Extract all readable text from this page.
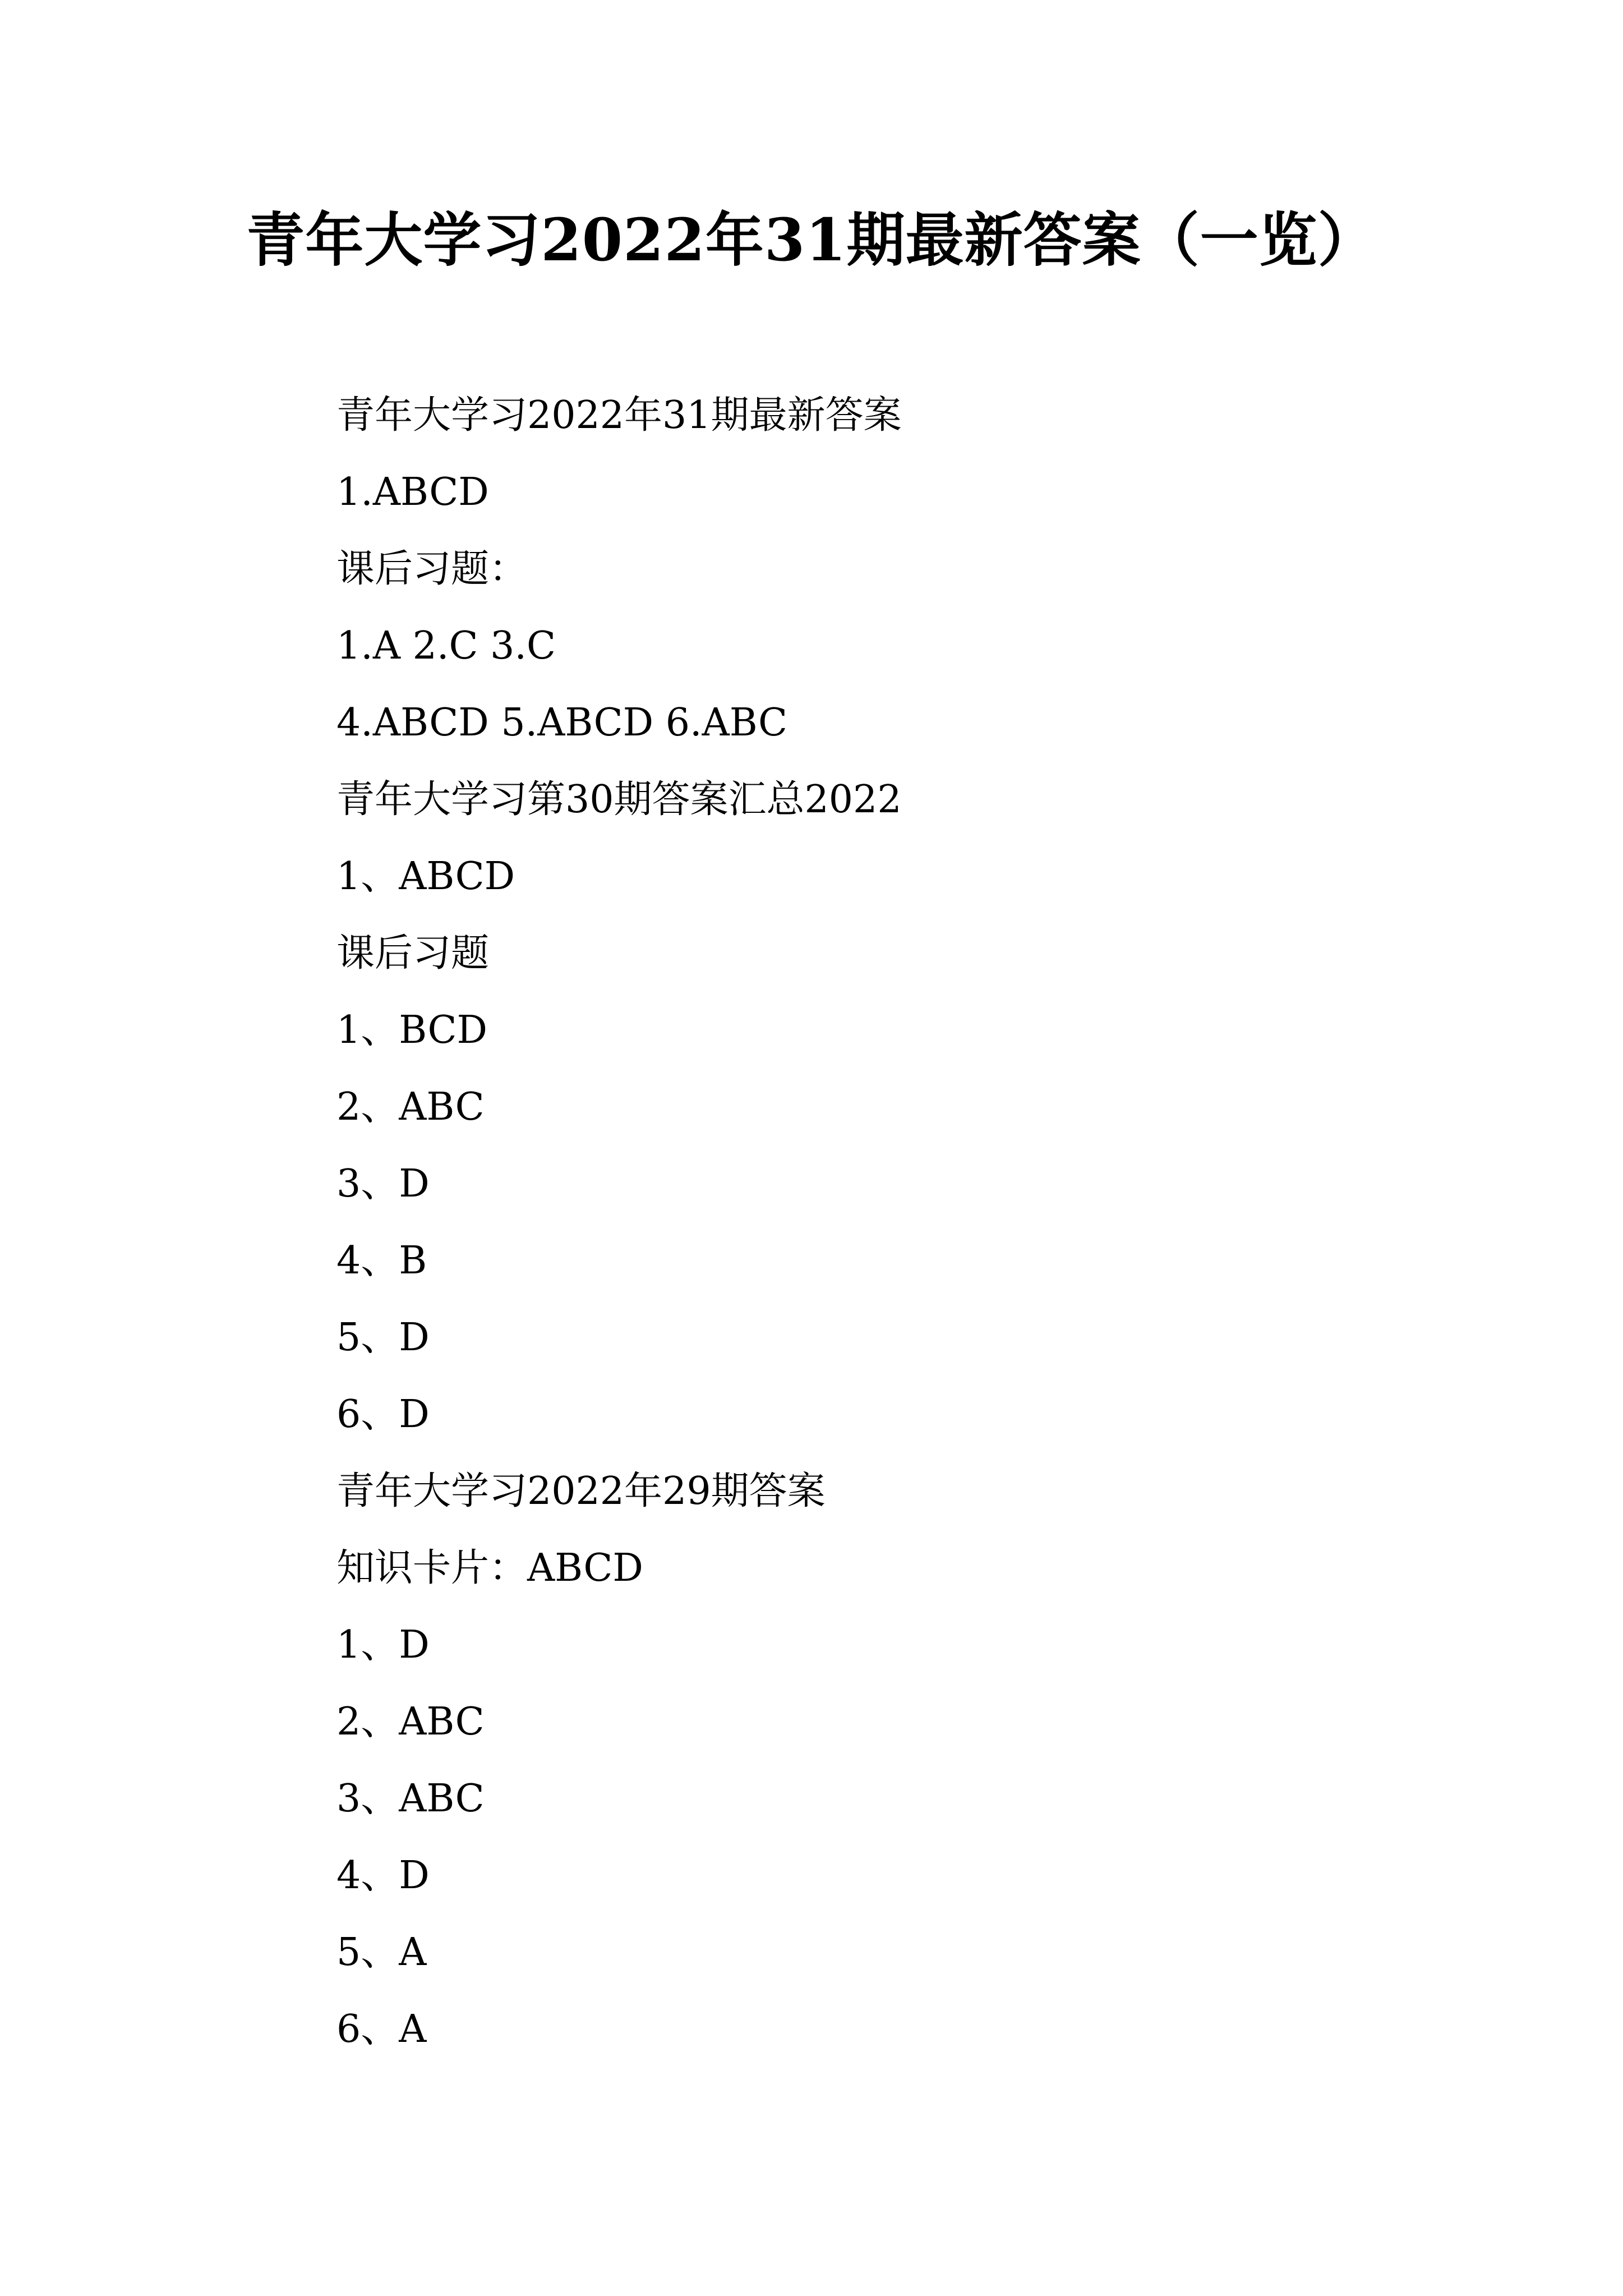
青年大学习2022年31期最新答案（一览）
青年大学习2022年31期最新答案
1.ABCD
课后习题：
1.A 2.C 3.C
4.ABCD 5.ABCD 6.ABC
青年大学习第30期答案汇总2022
1、ABCD
课后习题
1、BCD
2、ABC
3、D
4、B
5、D
6、D
青年大学习2022年29期答案
知识卡片：ABCD
1、D
2、ABC
3、ABC
4、D
5、A
6、A
